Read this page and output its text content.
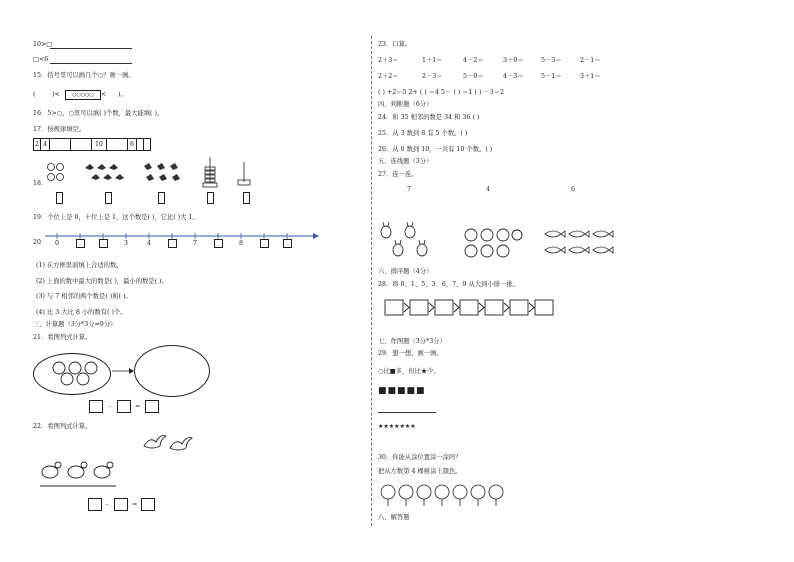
10>□
□<6
15．括号里可以画几个○？画一画。
(	)<	○○○○○	< )。
16．5>○，○里可以填( )个数，最大能填( )。
17．按规律填空。
2 4	10	6
18．
19．个位上是 0，十位上是 1，这个数是( )，它比( )大 1。
20． 0	3	4	7	8
(1) 在方框里面填上合适的数。
(2) 上面的数中最大的数是( )，最小的数是( )。
(3) 与 7 相邻的两个数是( )和( )。
(4) 比 3 大比 8 小的数有( )个。
三、计算题（3分*3分=9分）
21．看图列式计算。
-	=
22．看图列式计算。
-	=
23．口算。
2＋3＝	1＋1＝	4－2＝	3＋0＝	5－3＝	2－1＝
2＋2＝	2－3＝	5－0＝	4－3＝	5－1＝	3＋1＝
( ) +2＝5 2+ ( ) ＝4 5－ ( ) ＝1 ( ) －3＝2
四、判断题（6分）
24．和 35 相邻的数是 34 和 36 ( )
25．从 3 数到 8 有 5 个数。( )
26．从 0 数到 10，一共有 10 个数。( )
五、连线题（3分）
27．连一连。
7	4	6
六、排序题（4分）
28．将 0、1、5、3、6、7、9 从大到小排一排。
七、作图题（3分*3分）
29．想一想，画一画。
○比■多，但比★少。
■■■■■
★★★★★★★
30．你能从涂位置涂一涂吗？
把从左数第 4 棵树涂上颜色。
八、解答题
